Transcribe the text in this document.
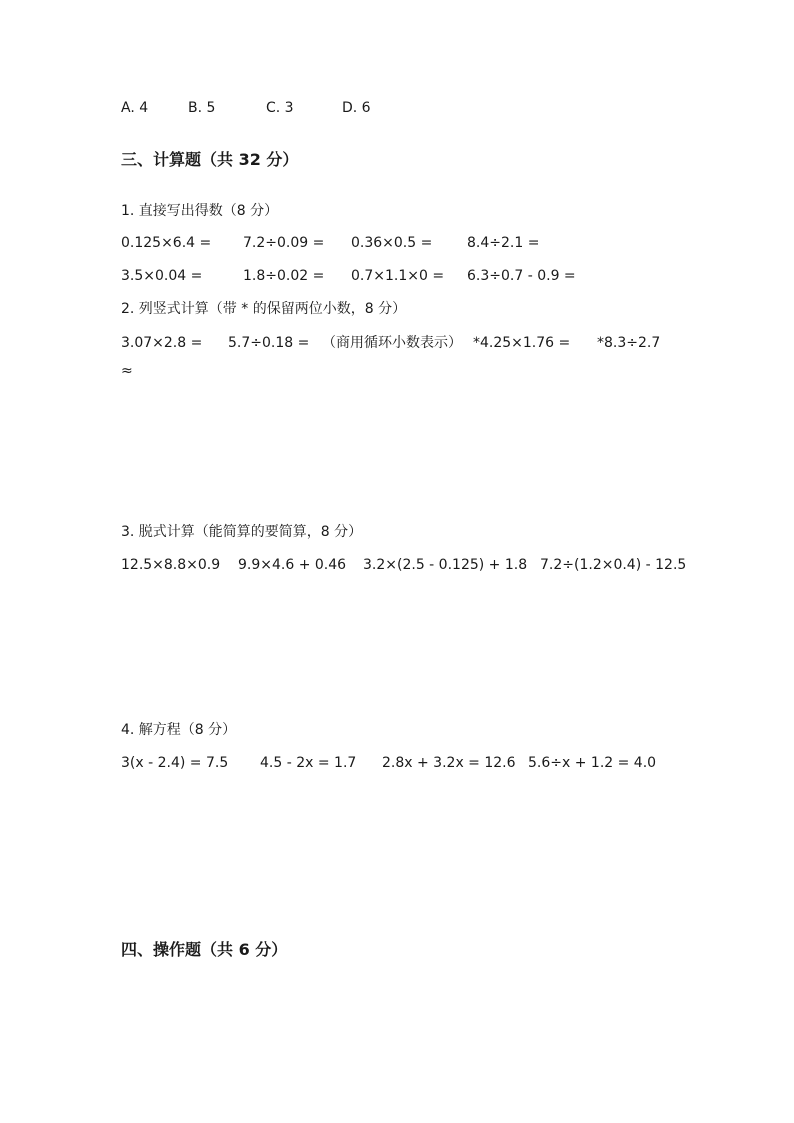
A. 4	B. 5	C. 3	D. 6
三、计算题（共 32 分）
1. 直接写出得数（8 分）
0.125×6.4 = 7.2÷0.09 = 0.36×0.5 = 8.4÷2.1 =
3.5×0.04 =	1.8÷0.02 = 0.7×1.1×0 = 6.3÷0.7 - 0.9 =
2. 列竖式计算（带 * 的保留两位小数，8 分）
3.07×2.8 = 5.7÷0.18 = （商用循环小数表示） *4.25×1.76 = *8.3÷2.7
≈
3. 脱式计算（能简算的要简算，8 分）
12.5×8.8×0.9 9.9×4.6 + 0.46 3.2×(2.5 - 0.125) + 1.8 7.2÷(1.2×0.4) - 12.5
4. 解方程（8 分）
3(x - 2.4) = 7.5 4.5 - 2x = 1.7 2.8x + 3.2x = 12.6 5.6÷x + 1.2 = 4.0
四、操作题（共 6 分）
